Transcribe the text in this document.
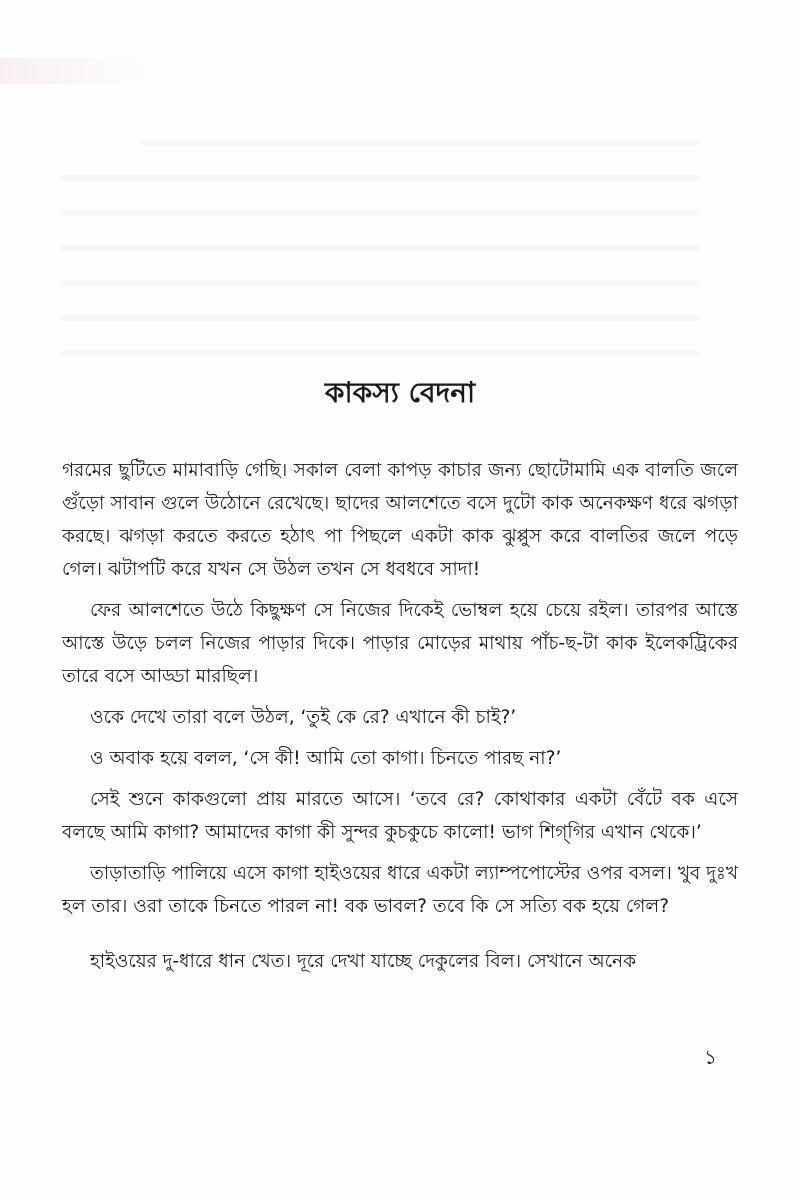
কাকস্য বেদনা

গরমের ছুটিতে মামাবাড়ি গেছি। সকাল বেলা কাপড় কাচার জন্য ছোটোমামি এক বালতি জলে গুঁড়ো সাবান গুলে উঠোনে রেখেছে। ছাদের আলশেতে বসে দুটো কাক অনেকক্ষণ ধরে ঝগড়া করছে। ঝগড়া করতে করতে হঠাৎ পা পিছলে একটা কাক ঝুপ্পুস করে বালতির জলে পড়ে গেল। ঝটাপটি করে যখন সে উঠল তখন সে ধবধবে সাদা!

ফের আলশেতে উঠে কিছুক্ষণ সে নিজের দিকেই ভোম্বল হয়ে চেয়ে রইল। তারপর আস্তে আস্তে উড়ে চলল নিজের পাড়ার দিকে। পাড়ার মোড়ের মাথায় পাঁচ-ছ-টা কাক ইলেকট্রিকের তারে বসে আড্ডা মারছিল।

ওকে দেখে তারা বলে উঠল, ‘তুই কে রে? এখানে কী চাই?’

ও অবাক হয়ে বলল, ‘সে কী! আমি তো কাগা। চিনতে পারছ না?’

সেই শুনে কাকগুলো প্রায় মারতে আসে। ‘তবে রে? কোথাকার একটা বেঁটে বক এসে বলছে আমি কাগা? আমাদের কাগা কী সুন্দর কুচকুচে কালো! ভাগ শিগ্‌গির এখান থেকে।’

তাড়াতাড়ি পালিয়ে এসে কাগা হাইওয়ের ধারে একটা ল্যাম্পপোস্টের ওপর বসল। খুব দুঃখ হল তার। ওরা তাকে চিনতে পারল না! বক ভাবল? তবে কি সে সত্যি বক হয়ে গেল?

হাইওয়ের দু-ধারে ধান খেত। দূরে দেখা যাচ্ছে দেকুলের বিল। সেখানে অনেক

১
